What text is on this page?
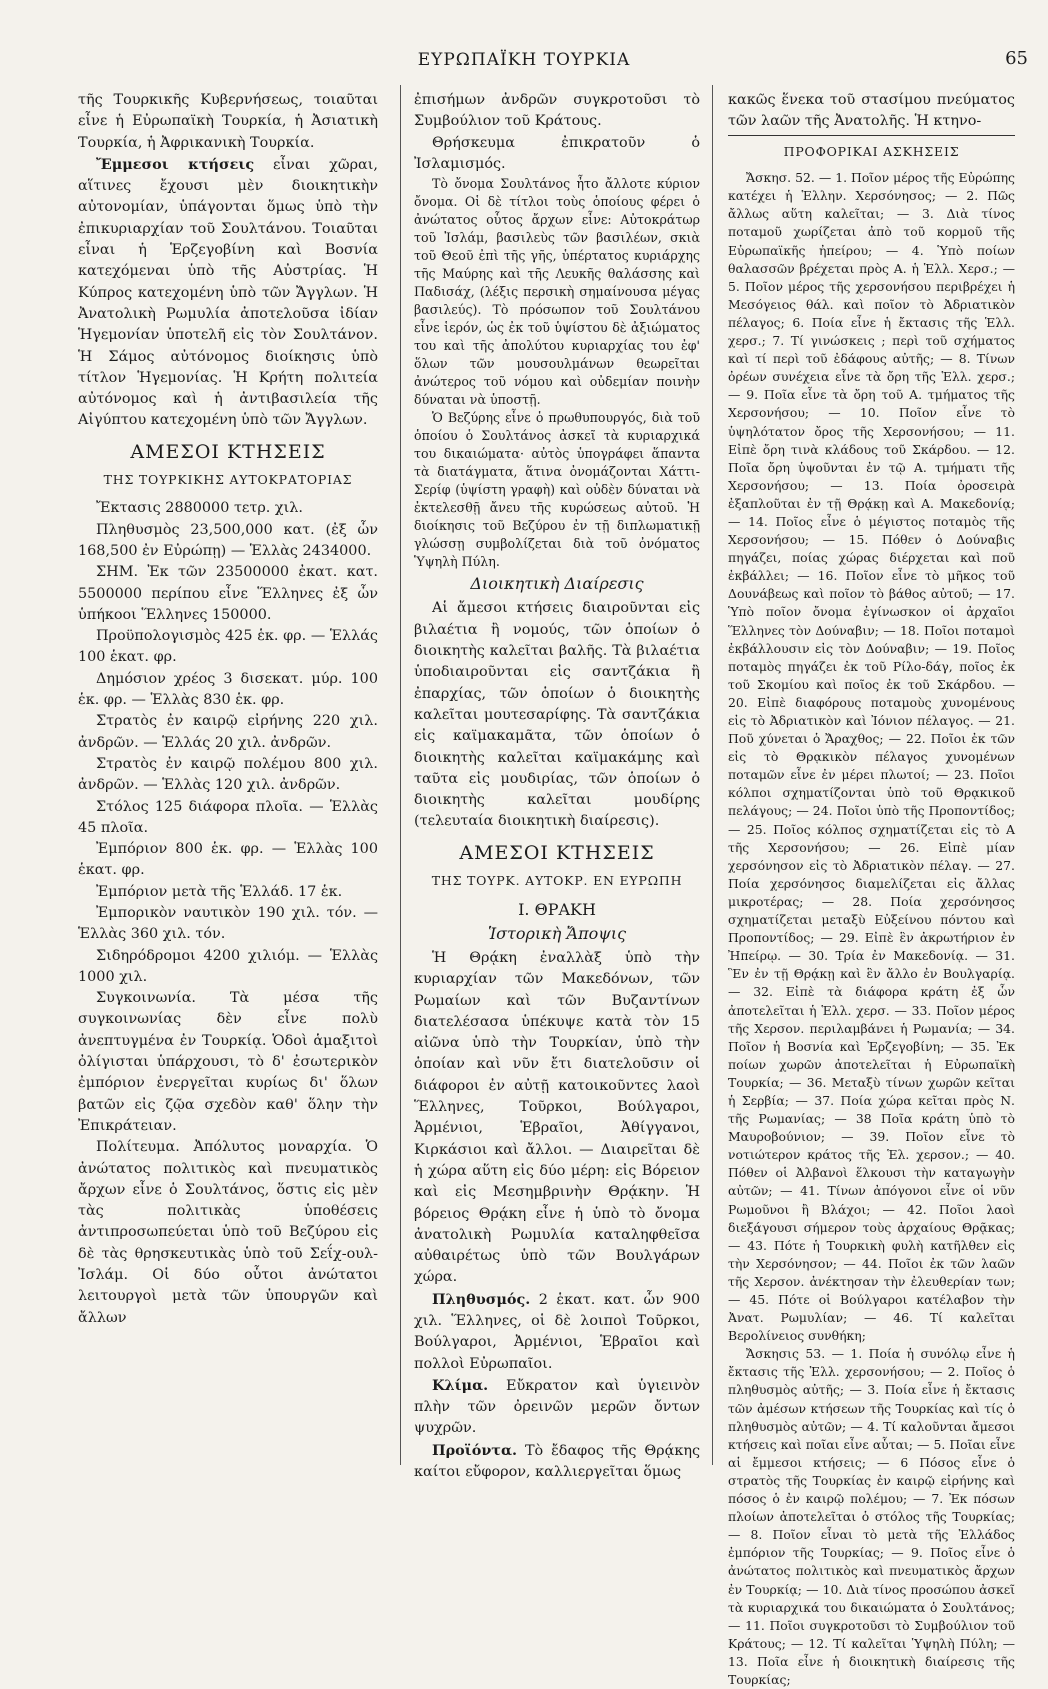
ΕΥΡΩΠΑΪΚΗ ΤΟΥΡΚΙΑ	65

τῆς Τουρκικῆς Κυβερνήσεως, τοιαῦται εἶνε ἡ Εὐρωπαϊκὴ Τουρκία, ἡ Ἀσιατικὴ Τουρκία, ἡ Ἀφρικανικὴ Τουρκία.

Ἔμμεσοι κτήσεις εἶναι χῶραι, αἵτινες ἔχουσι μὲν διοικητικὴν αὐτονομίαν, ὑπάγονται ὅμως ὑπὸ τὴν ἐπικυριαρχίαν τοῦ Σουλτάνου. Τοιαῦται εἶναι ἡ Ἑρζεγοβίνη καὶ Βοσνία κατεχόμεναι ὑπὸ τῆς Αὐστρίας. Ἡ Κύπρος κατεχομένη ὑπὸ τῶν Ἄγγλων. Ἡ Ἀνατολικὴ Ρωμυλία ἀποτελοῦσα ἰδίαν Ἡγεμονίαν ὑποτελῆ εἰς τὸν Σουλτάνον. Ἡ Σάμος αὐτόνομος διοίκησις ὑπὸ τίτλον Ἡγεμονίας. Ἡ Κρήτη πολιτεία αὐτόνομος καὶ ἡ ἀντιβασιλεία τῆς Αἰγύπτου κατεχομένη ὑπὸ τῶν Ἄγγλων.

ΑΜΕΣΟΙ ΚΤΗΣΕΙΣ

ΤΗΣ ΤΟΥΡΚΙΚΗΣ ΑΥΤΟΚΡΑΤΟΡΙΑΣ

Ἔκτασις 2880000 τετρ. χιλ.

Πληθυσμὸς 23,500,000 κατ. (ἐξ ὧν 168,500 ἐν Εὐρώπῃ) — Ἑλλὰς 2434000.

ΣΗΜ. Ἐκ τῶν 23500000 ἐκατ. κατ. 5500000 περίπου εἶνε Ἕλληνες ἐξ ὧν ὑπήκοοι Ἕλληνες 150000.

Προϋπολογισμὸς 425 ἑκ. φρ. — Ἑλλάς 100 ἑκατ. φρ.

Δημόσιον χρέος 3 δισεκατ. μύρ. 100 ἑκ. φρ. — Ἑλλὰς 830 ἑκ. φρ.

Στρατὸς ἐν καιρῷ εἰρήνης 220 χιλ. ἀνδρῶν. — Ἑλλάς 20 χιλ. ἀνδρῶν.

Στρατὸς ἐν καιρῷ πολέμου 800 χιλ. ἀνδρῶν. — Ἑλλὰς 120 χιλ. ἀνδρῶν.

Στόλος 125 διάφορα πλοῖα. — Ἑλλὰς 45 πλοῖα.

Ἐμπόριον 800 ἑκ. φρ. — Ἑλλὰς 100 ἑκατ. φρ.

Ἐμπόριον μετὰ τῆς Ἑλλάδ. 17 ἑκ.

Ἐμπορικὸν ναυτικὸν 190 χιλ. τόν. — Ἑλλὰς 360 χιλ. τόν.

Σιδηρόδρομοι 4200 χιλιόμ. — Ἑλλὰς 1000 χιλ.

Συγκοινωνία. Τὰ μέσα τῆς συγκοινωνίας δὲν εἶνε πολὺ ἀνεπτυγμένα ἐν Τουρκίᾳ. Ὁδοὶ ἁμαξιτοὶ ὀλίγισται ὑπάρχουσι, τὸ δ' ἐσωτερικὸν ἐμπόριον ἐνεργεῖται κυρίως δι' ὅλων βατῶν εἰς ζῷα σχεδὸν καθ' ὅλην τὴν Ἐπικράτειαν.

Πολίτευμα. Ἀπόλυτος μοναρχία. Ὁ ἀνώτατος πολιτικὸς καὶ πνευματικὸς ἄρχων εἶνε ὁ Σουλτάνος, ὅστις εἰς μὲν τὰς πολιτικὰς ὑποθέσεις ἀντιπροσωπεύεται ὑπὸ τοῦ Βεζύρου εἰς δὲ τὰς θρησκευτικὰς ὑπὸ τοῦ Σεΐχ-ουλ-Ἰσλάμ. Οἱ δύο οὗτοι ἀνώτατοι λειτουργοὶ μετὰ τῶν ὑπουργῶν καὶ ἄλλων

ἐπισήμων ἀνδρῶν συγκροτοῦσι τὸ Συμβούλιον τοῦ Κράτους.

Θρήσκευμα ἐπικρατοῦν ὁ Ἰσλαμισμός.

Τὸ ὄνομα Σουλτάνος ἦτο ἄλλοτε κύριον ὄνομα. Οἱ δὲ τίτλοι τοὺς ὁποίους φέρει ὁ ἀνώτατος οὗτος ἄρχων εἶνε: Αὐτοκράτωρ τοῦ Ἰσλάμ, βασιλεὺς τῶν βασιλέων, σκιὰ τοῦ Θεοῦ ἐπὶ τῆς γῆς, ὑπέρτατος κυριάρχης τῆς Μαύρης καὶ τῆς Λευκῆς θαλάσσης καὶ Παδισάχ, (λέξις περσικὴ σημαίνουσα μέγας βασιλεύς). Τὸ πρόσωπον τοῦ Σουλτάνου εἶνε ἱερόν, ὡς ἐκ τοῦ ὑψίστου δὲ ἀξιώματος του καὶ τῆς ἀπολύτου κυριαρχίας του ἐφ' ὅλων τῶν μουσουλμάνων θεωρεῖται ἀνώτερος τοῦ νόμου καὶ οὐδεμίαν ποινὴν δύναται νὰ ὑποστῇ.

Ὁ Βεζύρης εἶνε ὁ πρωθυπουργός, διὰ τοῦ ὁποίου ὁ Σουλτάνος ἀσκεῖ τὰ κυριαρχικά του δικαιώματα· αὐτὸς ὑπογράφει ἅπαντα τὰ διατάγματα, ἅτινα ὀνομάζονται Χάττι-Σερίφ (ὑψίστη γραφὴ) καὶ οὐδὲν δύναται νὰ ἐκτελεσθῇ ἄνευ τῆς κυρώσεως αὐτοῦ. Ἡ διοίκησις τοῦ Βεζύρου ἐν τῇ διπλωματικῇ γλώσσῃ συμβολίζεται διὰ τοῦ ὀνόματος Ὑψηλὴ Πύλη.

Διοικητικὴ Διαίρεσις

Αἱ ἄμεσοι κτήσεις διαιροῦνται εἰς βιλαέτια ἢ νομούς, τῶν ὁποίων ὁ διοικητὴς καλεῖται βαλῆς. Τὰ βιλαέτια ὑποδιαιροῦνται εἰς σαντζάκια ἢ ἐπαρχίας, τῶν ὁποίων ὁ διοικητὴς καλεῖται μουτεσαρίφης. Τὰ σαντζάκια εἰς καϊμακαμᾶτα, τῶν ὁποίων ὁ διοικητὴς καλεῖται καϊμακάμης καὶ ταῦτα εἰς μουδιρίας, τῶν ὁποίων ὁ διοικητὴς καλεῖται μουδίρης (τελευταία διοικητικὴ διαίρεσις).

ΑΜΕΣΟΙ ΚΤΗΣΕΙΣ

ΤΗΣ ΤΟΥΡΚ. ΑΥΤΟΚΡ. ΕΝ ΕΥΡΩΠΗ

Ι. ΘΡΑΚΗ

Ἱστορικὴ Ἄποψις

Ἡ Θρᾴκη ἐναλλὰξ ὑπὸ τὴν κυριαρχίαν τῶν Μακεδόνων, τῶν Ρωμαίων καὶ τῶν Βυζαντίνων διατελέσασα ὑπέκυψε κατὰ τὸν 15 αἰῶνα ὑπὸ τὴν Τουρκίαν, ὑπὸ τὴν ὁποίαν καὶ νῦν ἔτι διατελοῦσιν οἱ διάφοροι ἐν αὐτῇ κατοικοῦντες λαοὶ Ἕλληνες, Τοῦρκοι, Βούλγαροι, Ἀρμένιοι, Ἑβραῖοι, Ἀθίγγανοι, Κιρκάσιοι καὶ ἄλλοι. — Διαιρεῖται δὲ ἡ χώρα αὕτη εἰς δύο μέρη: εἰς Βόρειον καὶ εἰς Μεσημβρινὴν Θρᾴκην. Ἡ βόρειος Θρᾴκη εἶνε ἡ ὑπὸ τὸ ὄνομα ἀνατολικὴ Ρωμυλία καταληφθεῖσα αὐθαιρέτως ὑπὸ τῶν Βουλγάρων χώρα.

Πληθυσμός. 2 ἑκατ. κατ. ὧν 900 χιλ. Ἕλληνες, οἱ δὲ λοιποὶ Τοῦρκοι, Βούλγαροι, Ἀρμένιοι, Ἑβραῖοι καὶ πολλοὶ Εὐρωπαῖοι.

Κλίμα. Εὔκρατον καὶ ὑγιεινὸν πλὴν τῶν ὀρεινῶν μερῶν ὄντων ψυχρῶν.

Προϊόντα. Τὸ ἔδαφος τῆς Θρᾴκης καίτοι εὔφορον, καλλιεργεῖται ὅμως

κακῶς ἕνεκα τοῦ στασίμου πνεύματος τῶν λαῶν τῆς Ἀνατολῆς. Ἡ κτηνο-

ΠΡΟΦΟΡΙΚΑΙ ΑΣΚΗΣΕΙΣ

Ἄσκησ. 52. — 1. Ποῖον μέρος τῆς Εὐρώπης κατέχει ἡ Ἑλλην. Χερσόνησος; — 2. Πῶς ἄλλως αὕτη καλεῖται; — 3. Διὰ τίνος ποταμοῦ χωρίζεται ἀπὸ τοῦ κορμοῦ τῆς Εὐρωπαϊκῆς ἠπείρου; — 4. Ὑπὸ ποίων θαλασσῶν βρέχεται πρὸς Α. ἡ Ἑλλ. Χερσ.; — 5. Ποῖον μέρος τῆς χερσονήσου περιβρέχει ἡ Μεσόγειος θάλ. καὶ ποῖον τὸ Ἀδριατικὸν πέλαγος; 6. Ποία εἶνε ἡ ἔκτασις τῆς Ἑλλ. χερσ.; 7. Τί γινώσκεις ; περὶ τοῦ σχήματος καὶ τί περὶ τοῦ ἐδάφους αὐτῆς; — 8. Τίνων ὀρέων συνέχεια εἶνε τὰ ὄρη τῆς Ἑλλ. χερσ.; — 9. Ποῖα εἶνε τὰ ὄρη τοῦ Α. τμήματος τῆς Χερσονήσου; — 10. Ποῖον εἶνε τὸ ὑψηλότατον ὄρος τῆς Χερσονήσου; — 11. Εἰπὲ ὄρη τινὰ κλάδους τοῦ Σκάρδου. — 12. Ποῖα ὄρη ὑψοῦνται ἐν τῷ Α. τμήματι τῆς Χερσονήσου; — 13. Ποία ὀροσειρὰ ἐξαπλοῦται ἐν τῇ Θρᾴκῃ καὶ Α. Μακεδονίᾳ; — 14. Ποῖος εἶνε ὁ μέγιστος ποταμὸς τῆς Χερσονήσου; — 15. Πόθεν ὁ Δούναβις πηγάζει, ποίας χώρας διέρχεται καὶ ποῦ ἐκβάλλει; — 16. Ποῖον εἶνε τὸ μῆκος τοῦ Δουνάβεως καὶ ποῖον τὸ βάθος αὐτοῦ; — 17. Ὑπὸ ποῖον ὄνομα ἐγίνωσκον οἱ ἀρχαῖοι Ἕλληνες τὸν Δούναβιν; — 18. Ποῖοι ποταμοὶ ἐκβάλλουσιν εἰς τὸν Δούναβιν; — 19. Ποῖος ποταμὸς πηγάζει ἐκ τοῦ Ρίλο-δάγ, ποῖος ἐκ τοῦ Σκομίου καὶ ποῖος ἐκ τοῦ Σκάρδου. — 20. Εἰπὲ διαφόρους ποταμοὺς χυνομένους εἰς τὸ Ἀδριατικὸν καὶ Ἰόνιον πέλαγος. — 21. Ποῦ χύνεται ὁ Ἄραχθος; — 22. Ποῖοι ἐκ τῶν εἰς τὸ Θρᾳκικὸν πέλαγος χυνομένων ποταμῶν εἶνε ἐν μέρει πλωτοί; — 23. Ποῖοι κόλποι σχηματίζονται ὑπὸ τοῦ Θρᾳκικοῦ πελάγους; — 24. Ποῖοι ὑπὸ τῆς Προποντίδος; — 25. Ποῖος κόλπος σχηματίζεται εἰς τὸ Α τῆς Χερσονήσου; — 26. Εἰπὲ μίαν χερσόνησον εἰς τὸ Ἀδριατικὸν πέλαγ. — 27. Ποία χερσόνησος διαμελίζεται εἰς ἄλλας μικροτέρας; — 28. Ποία χερσόνησος σχηματίζεται μεταξὺ Εὐξείνου πόντου καὶ Προποντίδος; — 29. Εἰπὲ ἓν ἀκρωτήριον ἐν Ἠπείρῳ. — 30. Τρία ἐν Μακεδονίᾳ. — 31. Ἓν ἐν τῇ Θρᾴκῃ καὶ ἓν ἄλλο ἐν Βουλγαρίᾳ. — 32. Εἰπὲ τὰ διάφορα κράτη ἐξ ὧν ἀποτελεῖται ἡ Ἑλλ. χερσ. — 33. Ποῖον μέρος τῆς Χερσον. περιλαμβάνει ἡ Ρωμανία; — 34. Ποῖον ἡ Βοσνία καὶ Ἑρζεγοβίνη; — 35. Ἐκ ποίων χωρῶν ἀποτελεῖται ἡ Εὐρωπαϊκὴ Τουρκία; — 36. Μεταξὺ τίνων χωρῶν κεῖται ἡ Σερβία; — 37. Ποία χώρα κεῖται πρὸς Ν. τῆς Ρωμανίας; — 38 Ποῖα κράτη ὑπὸ τὸ Μαυροβούνιον; — 39. Ποῖον εἶνε τὸ νοτιώτερον κράτος τῆς Ἑλ. χερσον.; — 40. Πόθεν οἱ Ἀλβανοὶ ἕλκουσι τὴν καταγωγὴν αὐτῶν; — 41. Τίνων ἀπόγονοι εἶνε οἱ νῦν Ρωμοῦνοι ἢ Βλάχοι; — 42. Ποῖοι λαοὶ διεξάγουσι σήμερον τοὺς ἀρχαίους Θρᾷκας; — 43. Πότε ἡ Τουρκικὴ φυλὴ κατῆλθεν εἰς τὴν Χερσόνησον; — 44. Ποῖοι ἐκ τῶν λαῶν τῆς Χερσον. ἀνέκτησαν τὴν ἐλευθερίαν των; — 45. Πότε οἱ Βούλγαροι κατέλαβον τὴν Ἀνατ. Ρωμυλίαν; — 46. Τί καλεῖται Βερολίνειος συνθήκη;

Ἄσκησις 53. — 1. Ποία ἡ συνόλῳ εἶνε ἡ ἔκτασις τῆς Ἑλλ. χερσονήσου; — 2. Ποῖος ὁ πληθυσμὸς αὐτῆς; — 3. Ποία εἶνε ἡ ἔκτασις τῶν ἀμέσων κτήσεων τῆς Τουρκίας καὶ τίς ὁ πληθυσμὸς αὐτῶν; — 4. Τί καλοῦνται ἄμεσοι κτήσεις καὶ ποῖαι εἶνε αὗται; — 5. Ποῖαι εἶνε αἱ ἔμμεσοι κτήσεις; — 6 Πόσος εἶνε ὁ στρατὸς τῆς Τουρκίας ἐν καιρῷ εἰρήνης καὶ πόσος ὁ ἐν καιρῷ πολέμου; — 7. Ἐκ πόσων πλοίων ἀποτελεῖται ὁ στόλος τῆς Τουρκίας; — 8. Ποῖον εἶναι τὸ μετὰ τῆς Ἑλλάδος ἐμπόριον τῆς Τουρκίας; — 9. Ποῖος εἶνε ὁ ἀνώτατος πολιτικὸς καὶ πνευματικὸς ἄρχων ἐν Τουρκίᾳ; — 10. Διὰ τίνος προσώπου ἀσκεῖ τὰ κυριαρχικά του δικαιώματα ὁ Σουλτάνος; — 11. Ποῖοι συγκροτοῦσι τὸ Συμβούλιον τοῦ Κράτους; — 12. Τί καλεῖται Ὑψηλὴ Πύλη; — 13. Ποῖα εἶνε ἡ διοικητικὴ διαίρεσις τῆς Τουρκίας;
